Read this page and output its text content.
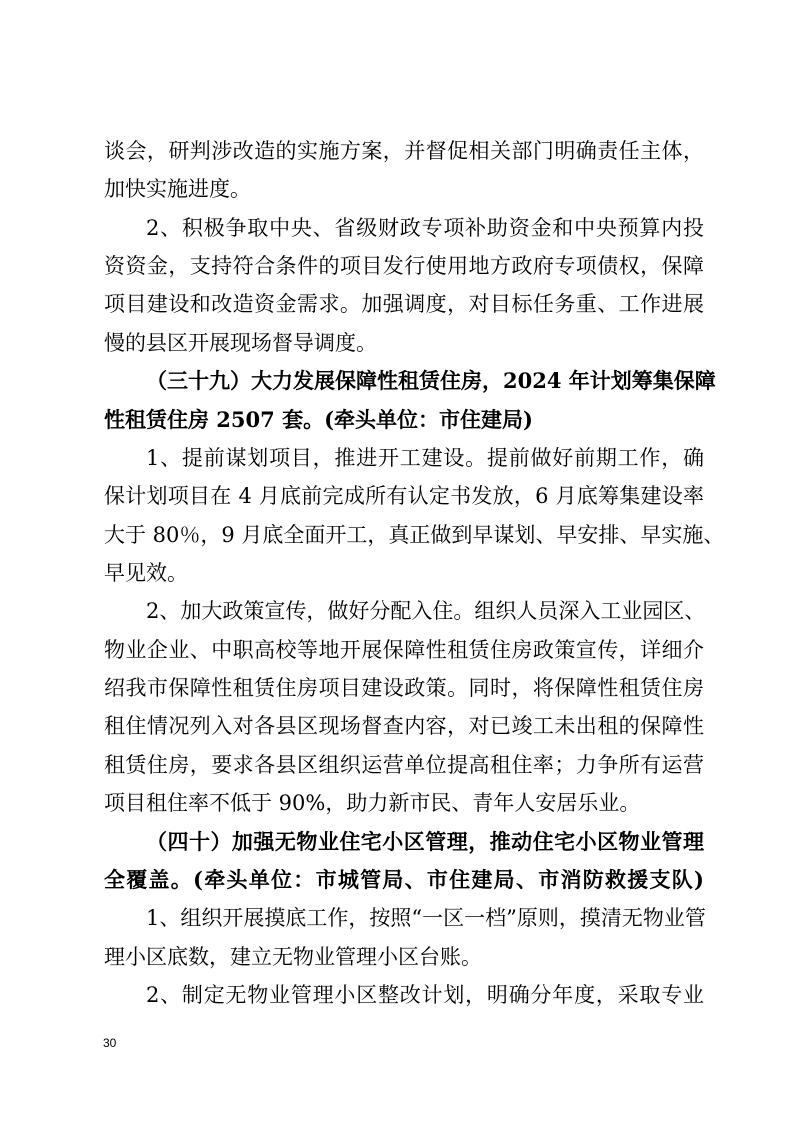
谈会，研判涉改造的实施方案，并督促相关部门明确责任主体，
加快实施进度。
2、积极争取中央、省级财政专项补助资金和中央预算内投
资资金，支持符合条件的项目发行使用地方政府专项债权，保障
项目建设和改造资金需求。加强调度，对目标任务重、工作进展
慢的县区开展现场督导调度。
（三十九）大力发展保障性租赁住房，2024 年计划筹集保障
性租赁住房 2507 套。(牵头单位：市住建局)
1、提前谋划项目，推进开工建设。提前做好前期工作，确
保计划项目在 4 月底前完成所有认定书发放，6 月底筹集建设率
大于 80％，9 月底全面开工，真正做到早谋划、早安排、早实施、
早见效。
2、加大政策宣传，做好分配入住。组织人员深入工业园区、
物业企业、中职高校等地开展保障性租赁住房政策宣传，详细介
绍我市保障性租赁住房项目建设政策。同时，将保障性租赁住房
租住情况列入对各县区现场督查内容，对已竣工未出租的保障性
租赁住房，要求各县区组织运营单位提高租住率；力争所有运营
项目租住率不低于 90%，助力新市民、青年人安居乐业。
（四十）加强无物业住宅小区管理，推动住宅小区物业管理
全覆盖。(牵头单位：市城管局、市住建局、市消防救援支队)
1、组织开展摸底工作，按照“一区一档”原则，摸清无物业管
理小区底数，建立无物业管理小区台账。
2、制定无物业管理小区整改计划，明确分年度，采取专业
30
